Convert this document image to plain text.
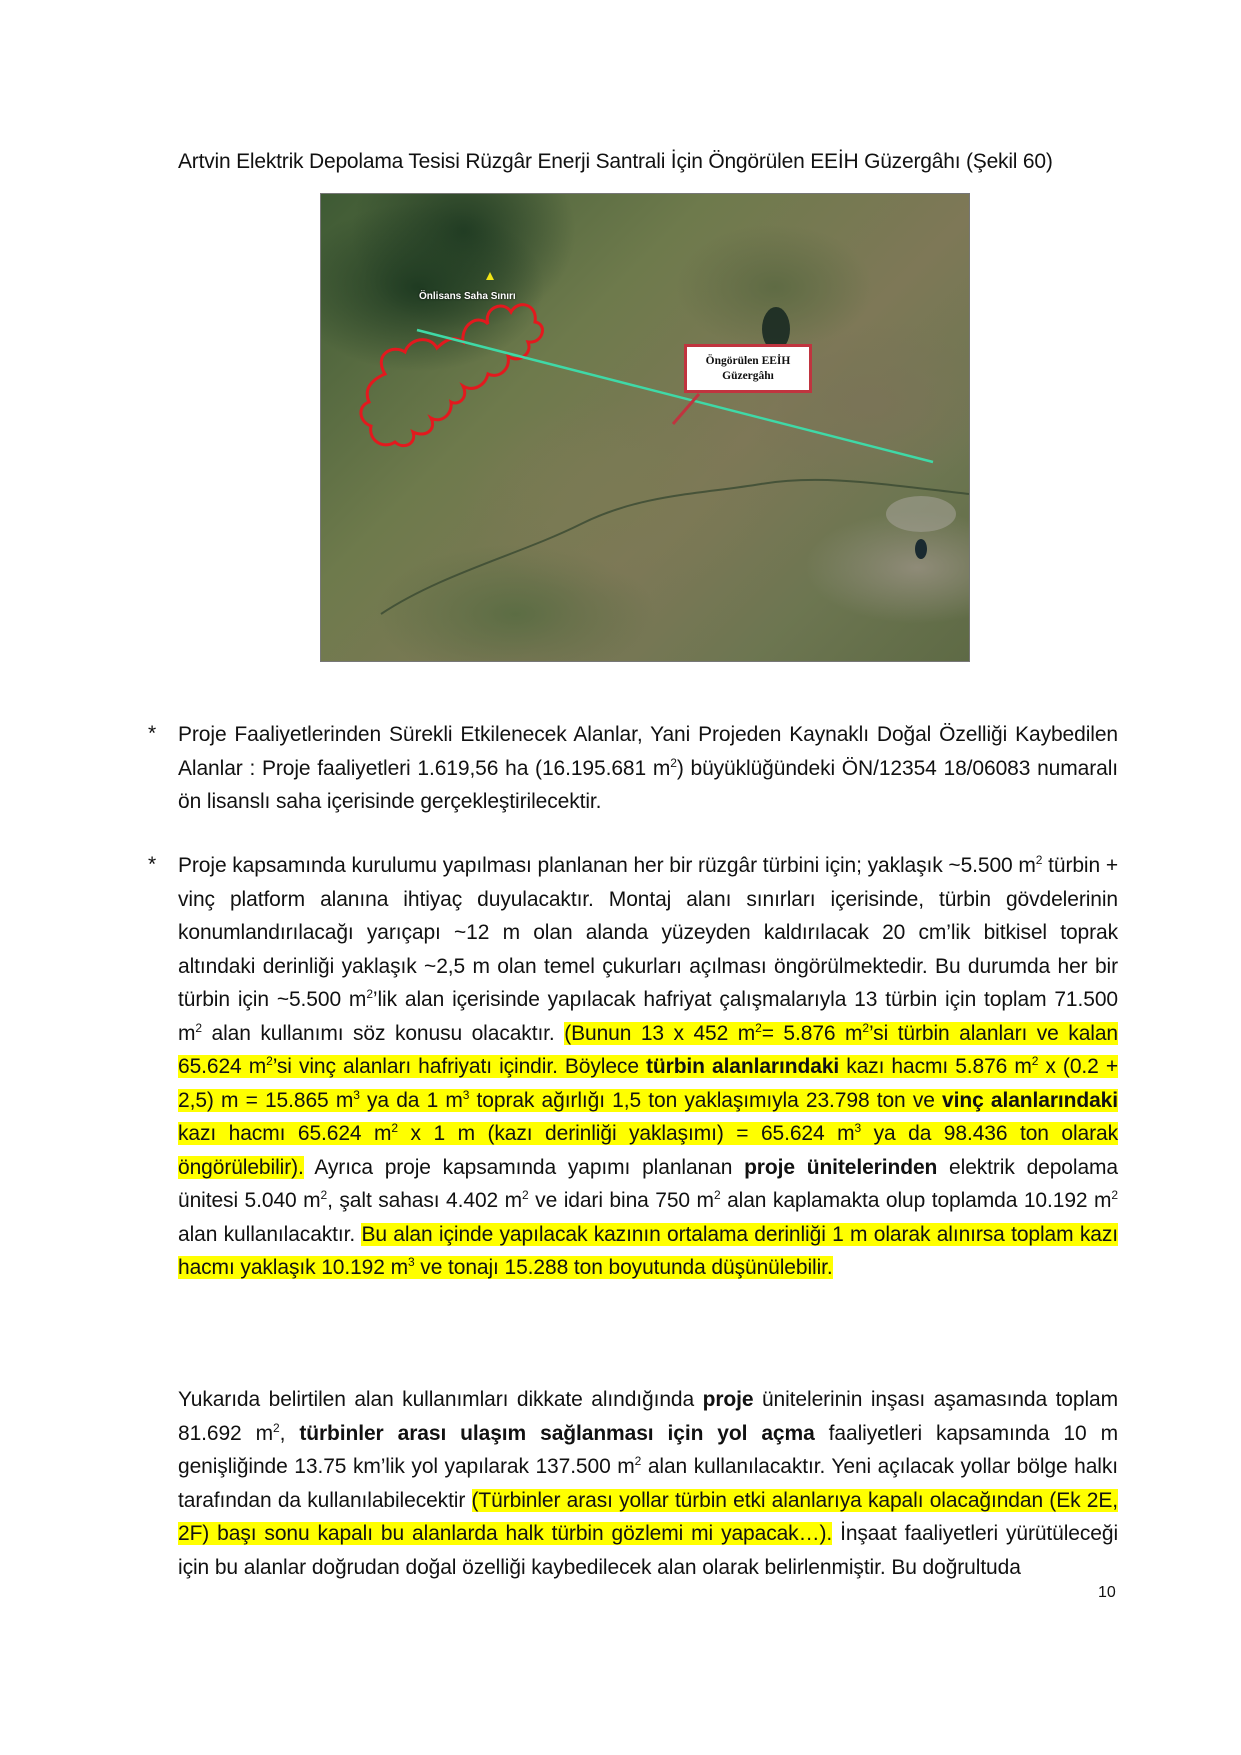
Artvin Elektrik Depolama Tesisi Rüzgâr Enerji Santrali İçin Öngörülen EEİH Güzergâhı (Şekil 60)
Önlisans Saha Sınırı
Öngörülen EEİH
Güzergâhı
* Proje Faaliyetlerinden Sürekli Etkilenecek Alanlar, Yani Projeden Kaynaklı Doğal Özelliği Kaybedilen Alanlar : Proje faaliyetleri 1.619,56 ha (16.195.681 $m^2$) büyüklüğündeki ÖN/12354 18/06083 numaralı ön lisanslı saha içerisinde gerçekleştirilecektir.

* Proje kapsamında kurulumu yapılması planlanan her bir rüzgâr türbini için; yaklaşık ~5.500 $m^2$ türbin + vinç platform alanına ihtiyaç duyulacaktır. Montaj alanı sınırları içerisinde, türbin gövdelerinin konumlandırılacağı yarıçapı ~12 m olan alanda yüzeyden kaldırılacak 20 cm’lik bitkisel toprak altındaki derinliği yaklaşık ~2,5 m olan temel çukurları açılması öngörülmektedir. Bu durumda her bir türbin için ~5.500 $m^2’lik$ alan içerisinde yapılacak hafriyat çalışmalarıyla 13 türbin için toplam 71.500 $m^2$ alan kullanımı söz konusu olacaktır. (Bunun 13 x 452 $m^2= 5.876$ $m^2’si$ türbin alanları ve kalan 65.624 $m^2’si$ vinç alanları hafriyatı içindir. Böylece türbin alanlarındaki kazı hacmı 5.876 $m^2$ x (0.2 + 2,5) m = 15.865 $m^3$ ya da 1 $m^3$ toprak ağırlığı 1,5 ton yaklaşımıyla 23.798 ton ve vinç alanlarındaki kazı hacmı 65.624 $m^2$ x 1 m (kazı derinliği yaklaşımı) = 65.624 $m^3$ ya da 98.436 ton olarak öngörülebilir). Ayrıca proje kapsamında yapımı planlanan proje ünitelerinden elektrik depolama ünitesi 5.040 $m^2$, şalt sahası 4.402 $m^2$ ve idari bina 750 $m^2$ alan kaplamakta olup toplamda 10.192 $m^2$ alan kullanılacaktır. Bu alan içinde yapılacak kazının ortalama derinliği 1 m olarak alınırsa toplam kazı hacmı yaklaşık 10.192 $m^3$ ve tonajı 15.288 ton boyutunda düşünülebilir.

Yukarıda belirtilen alan kullanımları dikkate alındığında proje ünitelerinin inşası aşamasında toplam 81.692 $m^2$, türbinler arası ulaşım sağlanması için yol açma faaliyetleri kapsamında 10 m genişliğinde 13.75 km’lik yol yapılarak 137.500 $m^2$ alan kullanılacaktır. Yeni açılacak yollar bölge halkı tarafından da kullanılabilecektir (Türbinler arası yollar türbin etki alanlarıya kapalı olacağından (Ek 2E, 2F) başı sonu kapalı bu alanlarda halk türbin gözlemi mi yapacak…). İnşaat faaliyetleri yürütüleceği için bu alanlar doğrudan doğal özelliği kaybedilecek alan olarak belirlenmiştir. Bu doğrultuda

10
